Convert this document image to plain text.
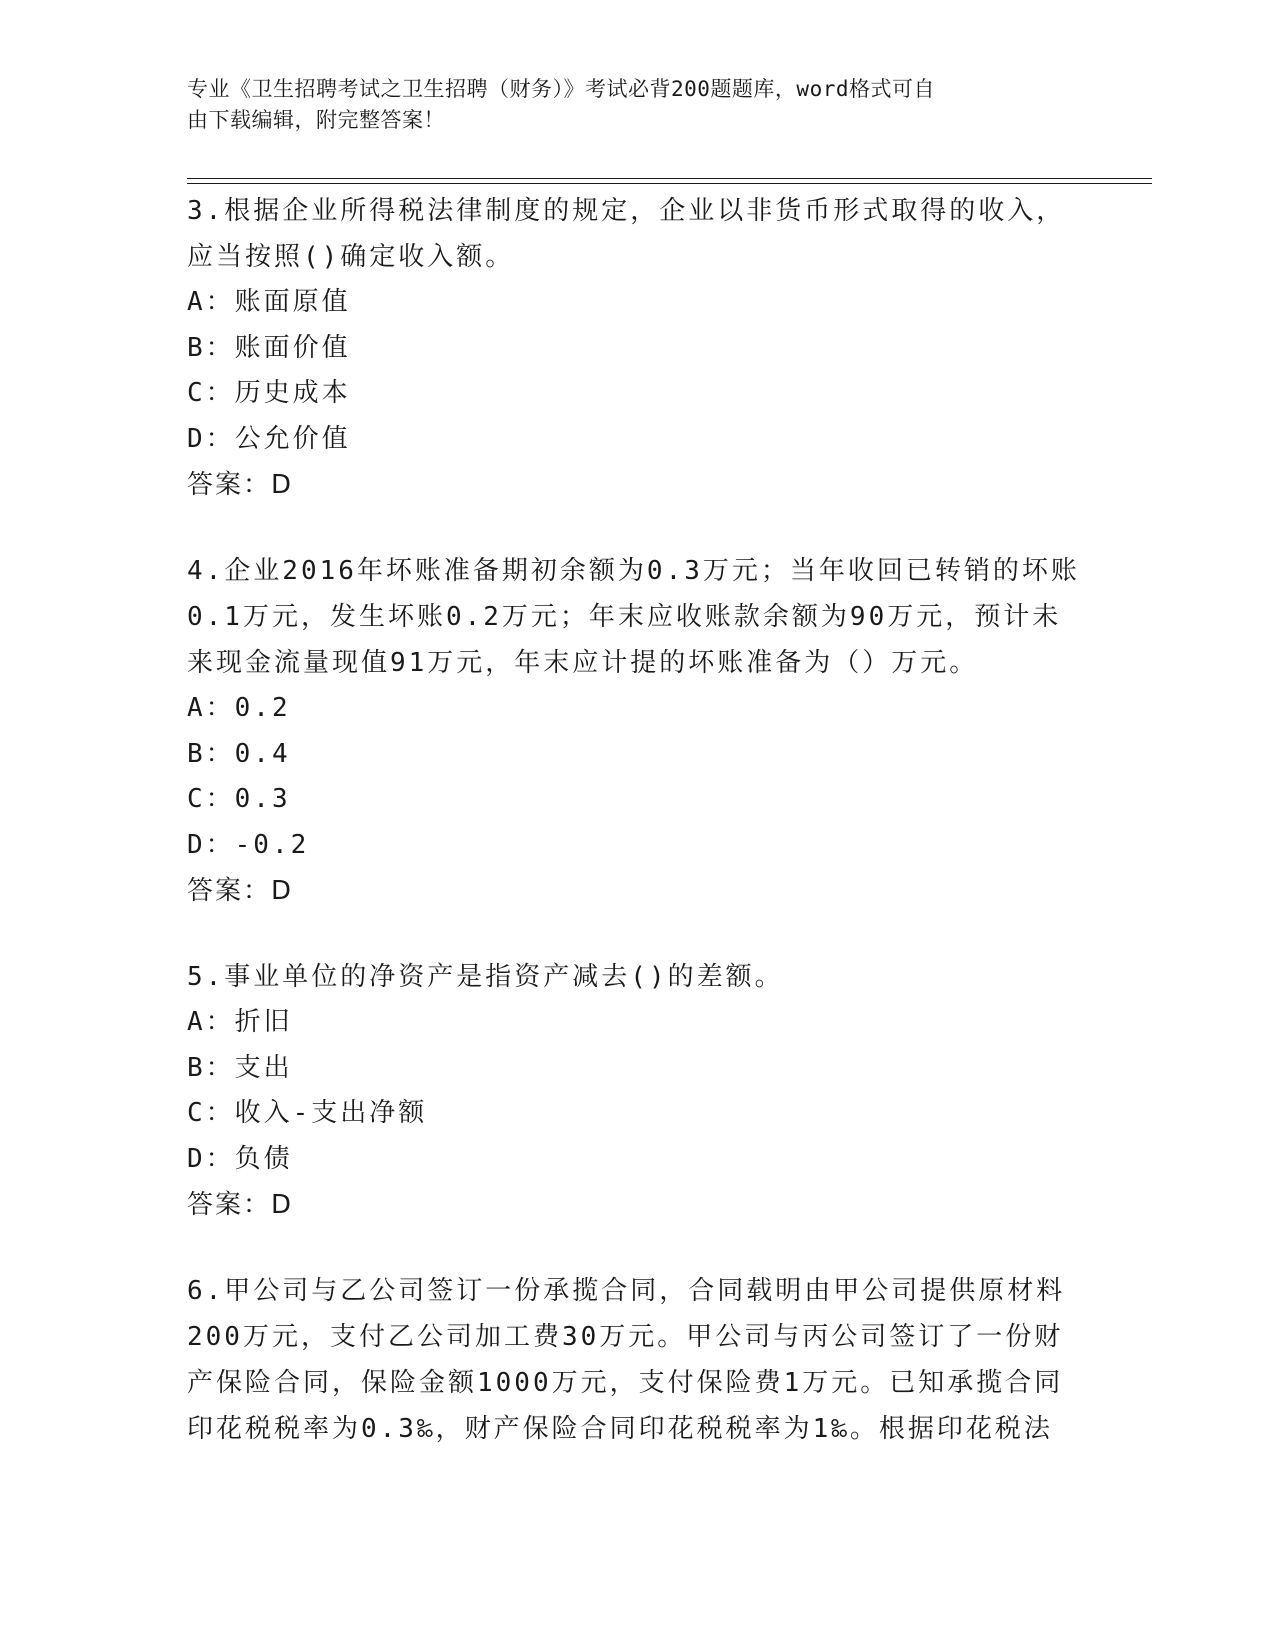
专业《卫生招聘考试之卫生招聘（财务）》考试必背200题题库，word格式可自
由下载编辑，附完整答案！
3.根据企业所得税法律制度的规定，企业以非货币形式取得的收入，
应当按照()确定收入额。
A：账面原值
B：账面价值
C：历史成本
D：公允价值
答案：D
4.企业2016年坏账准备期初余额为0.3万元；当年收回已转销的坏账
0.1万元，发生坏账0.2万元；年末应收账款余额为90万元，预计未
来现金流量现值91万元，年末应计提的坏账准备为（）万元。
A：0.2
B：0.4
C：0.3
D：-0.2
答案：D
5.事业单位的净资产是指资产减去()的差额。
A：折旧
B：支出
C：收入-支出净额
D：负债
答案：D
6.甲公司与乙公司签订一份承揽合同，合同载明由甲公司提供原材料
200万元，支付乙公司加工费30万元。甲公司与丙公司签订了一份财
产保险合同，保险金额1000万元，支付保险费1万元。已知承揽合同
印花税税率为0.3‰，财产保险合同印花税税率为1‰。根据印花税法
